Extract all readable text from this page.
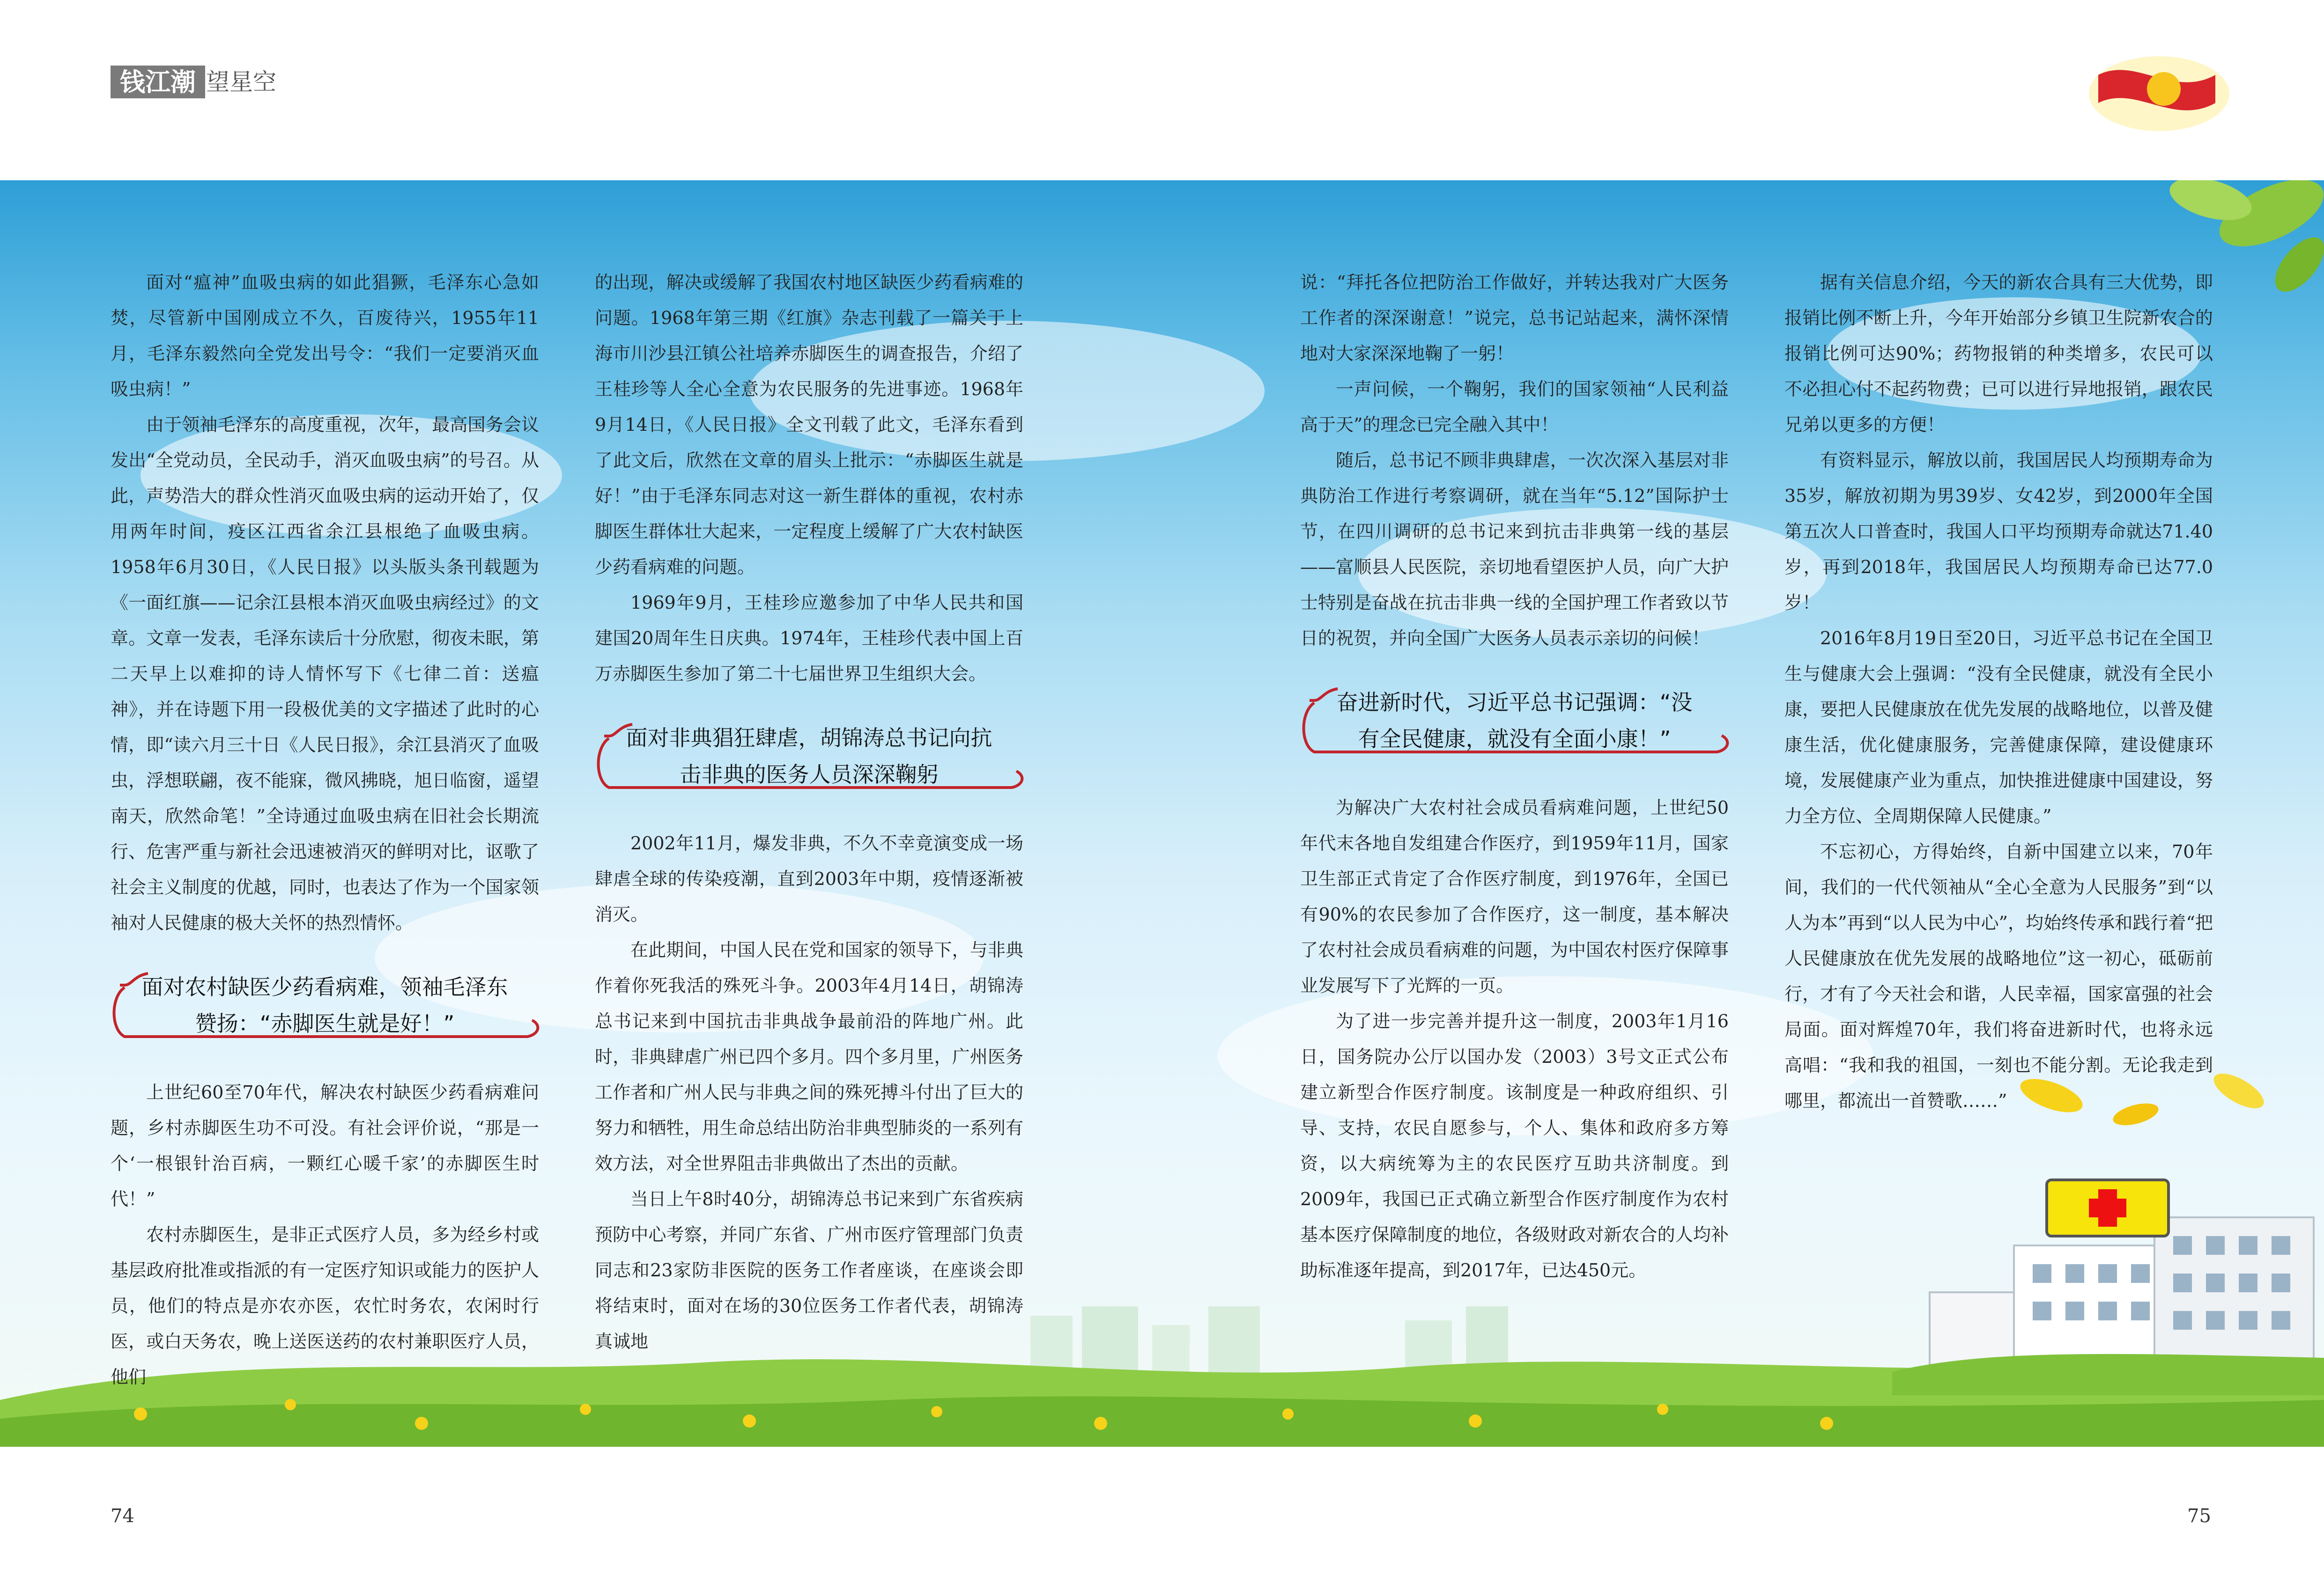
钱江潮 望星空

面对“瘟神”血吸虫病的如此猖獗，毛泽东心急如焚，尽管新中国刚成立不久，百废待兴，1955年11月，毛泽东毅然向全党发出号令：“我们一定要消灭血吸虫病！”

由于领袖毛泽东的高度重视，次年，最高国务会议发出“全党动员，全民动手，消灭血吸虫病”的号召。从此，声势浩大的群众性消灭血吸虫病的运动开始了，仅用两年时间，疫区江西省余江县根绝了血吸虫病。1958年6月30日，《人民日报》以头版头条刊载题为《一面红旗——记余江县根本消灭血吸虫病经过》的文章。文章一发表，毛泽东读后十分欣慰，彻夜未眠，第二天早上以难抑的诗人情怀写下《七律二首：送瘟神》，并在诗题下用一段极优美的文字描述了此时的心情，即“读六月三十日《人民日报》，余江县消灭了血吸虫，浮想联翩，夜不能寐，微风拂晓，旭日临窗，遥望南天，欣然命笔！”全诗通过血吸虫病在旧社会长期流行、危害严重与新社会迅速被消灭的鲜明对比，讴歌了社会主义制度的优越，同时，也表达了作为一个国家领袖对人民健康的极大关怀的热烈情怀。

面对农村缺医少药看病难，领袖毛泽东赞扬：“赤脚医生就是好！”

上世纪60至70年代，解决农村缺医少药看病难问题，乡村赤脚医生功不可没。有社会评价说，“那是一个‘一根银针治百病，一颗红心暖千家’的赤脚医生时代！”

农村赤脚医生，是非正式医疗人员，多为经乡村或基层政府批准或指派的有一定医疗知识或能力的医护人员，他们的特点是亦农亦医，农忙时务农，农闲时行医，或白天务农，晚上送医送药的农村兼职医疗人员，他们

的出现，解决或缓解了我国农村地区缺医少药看病难的问题。1968年第三期《红旗》杂志刊载了一篇关于上海市川沙县江镇公社培养赤脚医生的调查报告，介绍了王桂珍等人全心全意为农民服务的先进事迹。1968年9月14日，《人民日报》全文刊载了此文，毛泽东看到了此文后，欣然在文章的眉头上批示：“赤脚医生就是好！”由于毛泽东同志对这一新生群体的重视，农村赤脚医生群体壮大起来，一定程度上缓解了广大农村缺医少药看病难的问题。

1969年9月，王桂珍应邀参加了中华人民共和国建国20周年生日庆典。1974年，王桂珍代表中国上百万赤脚医生参加了第二十七届世界卫生组织大会。

面对非典猖狂肆虐，胡锦涛总书记向抗击非典的医务人员深深鞠躬

2002年11月，爆发非典，不久不幸竟演变成一场肆虐全球的传染疫潮，直到2003年中期，疫情逐渐被消灭。

在此期间，中国人民在党和国家的领导下，与非典作着你死我活的殊死斗争。2003年4月14日，胡锦涛总书记来到中国抗击非典战争最前沿的阵地广州。此时，非典肆虐广州已四个多月。四个多月里，广州医务工作者和广州人民与非典之间的殊死搏斗付出了巨大的努力和牺牲，用生命总结出防治非典型肺炎的一系列有效方法，对全世界阻击非典做出了杰出的贡献。

当日上午8时40分，胡锦涛总书记来到广东省疾病预防中心考察，并同广东省、广州市医疗管理部门负责同志和23家防非医院的医务工作者座谈，在座谈会即将结束时，面对在场的30位医务工作者代表，胡锦涛真诚地

说：“拜托各位把防治工作做好，并转达我对广大医务工作者的深深谢意！”说完，总书记站起来，满怀深情地对大家深深地鞠了一躬！

一声问候，一个鞠躬，我们的国家领袖“人民利益高于天”的理念已完全融入其中！

随后，总书记不顾非典肆虐，一次次深入基层对非典防治工作进行考察调研，就在当年“5.12”国际护士节，在四川调研的总书记来到抗击非典第一线的基层——富顺县人民医院，亲切地看望医护人员，向广大护士特别是奋战在抗击非典一线的全国护理工作者致以节日的祝贺，并向全国广大医务人员表示亲切的问候！

奋进新时代，习近平总书记强调：“没有全民健康，就没有全面小康！”

为解决广大农村社会成员看病难问题，上世纪50年代末各地自发组建合作医疗，到1959年11月，国家卫生部正式肯定了合作医疗制度，到1976年，全国已有90%的农民参加了合作医疗，这一制度，基本解决了农村社会成员看病难的问题，为中国农村医疗保障事业发展写下了光辉的一页。

为了进一步完善并提升这一制度，2003年1月16日，国务院办公厅以国办发（2003）3号文正式公布建立新型合作医疗制度。该制度是一种政府组织、引导、支持，农民自愿参与，个人、集体和政府多方筹资，以大病统筹为主的农民医疗互助共济制度。到2009年，我国已正式确立新型合作医疗制度作为农村基本医疗保障制度的地位，各级财政对新农合的人均补助标准逐年提高，到2017年，已达450元。

据有关信息介绍，今天的新农合具有三大优势，即报销比例不断上升，今年开始部分乡镇卫生院新农合的报销比例可达90%；药物报销的种类增多，农民可以不必担心付不起药物费；已可以进行异地报销，跟农民兄弟以更多的方便！

有资料显示，解放以前，我国居民人均预期寿命为35岁，解放初期为男39岁、女42岁，到2000年全国第五次人口普查时，我国人口平均预期寿命就达71.40岁，再到2018年，我国居民人均预期寿命已达77.0岁！

2016年8月19日至20日，习近平总书记在全国卫生与健康大会上强调：“没有全民健康，就没有全民小康，要把人民健康放在优先发展的战略地位，以普及健康生活，优化健康服务，完善健康保障，建设健康环境，发展健康产业为重点，加快推进健康中国建设，努力全方位、全周期保障人民健康。”

不忘初心，方得始终，自新中国建立以来，70年间，我们的一代代领袖从“全心全意为人民服务”到“以人为本”再到“以人民为中心”，均始终传承和践行着“把人民健康放在优先发展的战略地位”这一初心，砥砺前行，才有了今天社会和谐，人民幸福，国家富强的社会局面。面对辉煌70年，我们将奋进新时代，也将永远高唱：“我和我的祖国，一刻也不能分割。无论我走到哪里，都流出一首赞歌……”

74	75
